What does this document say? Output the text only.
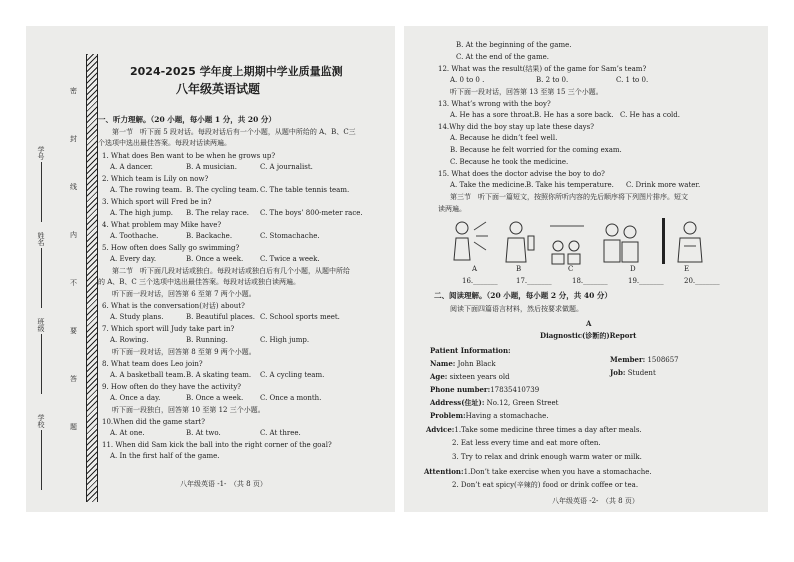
密
封
线
内
不
要
答
题
学号
姓名
班级
学校
2024-2025 学年度上期期中学业质量监测
八年级英语试题
一、听力理解。（20 小题，每小题 1 分，共 20 分）
第一节　听下面 5 段对话。每段对话后有一个小题，从题中所给的 A、B、C三
个选项中选出最佳答案。每段对话读两遍。
1. What does Ben want to be when he grows up?
A. A dancer.	B. A musician.	C. A journalist.
2. Which team is Lily on now?
A. The rowing team. B. The cycling team. C. The table tennis team.
3. Which sport will Fred be in?
A. The high jump. B. The relay race. C. The boys’ 800-meter race.
4. What problem may Mike have?
A. Toothache.	B. Backache.	C. Stomachache.
5. How often does Sally go swimming?
A. Every day.	B. Once a week. C. Twice a week.
第二节　听下面几段对话或独白。每段对话或独白后有几个小题，从题中所给
的 A、B、C 三个选项中选出最佳答案。每段对话或独白读两遍。
听下面一段对话，回答第 6 至第 7 两个小题。
6. What is the conversation(对话) about?
A. Study plans.	B. Beautiful places. C. School sports meet.
7. Which sport will Judy take part in?
A. Rowing.	B. Running.	C. High jump.
听下面一段对话，回答第 8 至第 9 两个小题。
8. What team does Leo join?
A. A basketball team. B. A skating team. C. A cycling team.
9. How often do they have the activity?
A. Once a day.	B. Once a week. C. Once a month.
听下面一段独白，回答第 10 至第 12 三个小题。
10.When did the game start?
A. At one.	B. At two.	C. At three.
11. When did Sam kick the ball into the right corner of the goal?
A. In the first half of the game.
八年级英语 -1-　（共 8 页）
B. At the beginning of the game.
C. At the end of the game.
12. What was the result(结果) of the game for Sam’s team?
A. 0 to 0 .	B. 2 to 0.	C. 1 to 0.
听下面一段对话，回答第 13 至第 15 三个小题。
13. What’s wrong with the boy?
A. He has a sore throat. B. He has a sore back. C. He has a cold.
14.Why did the boy stay up late these days?
A. Because he didn’t feel well.
B. Because he felt worried for the coming exam.
C. Because he took the medicine.
15. What does the doctor advise the boy to do?
A. Take the medicine. B. Take his temperature. C. Drink more water.
第三节　听下面一篇短文，按照你所听内容的先后顺序将下列图片排序。短文
读两遍。
A	B	C	D	E
16._______	17._______	18._______	19._______	20._______
二、阅读理解。（20 小题，每小题 2 分，共 40 分）
阅读下面四篇语言材料，然后按要求做题。
A
Diagnostic(诊断的)Report
Patient Information:
Name: John Black	Member: 1508657
Age: sixteen years old	Job: Student
Phone number:17835410739
Address(住址): No.12, Green Street
Problem:Having a stomachache.
Advice:1.Take some medicine three times a day after meals.
2. Eat less every time and eat more often.
3. Try to relax and drink enough warm water or milk.
Attention:1.Don’t take exercise when you have a stomachache.
2. Don’t eat spicy(辛辣的) food or drink coffee or tea.
八年级英语 -2-　（共 8 页）
